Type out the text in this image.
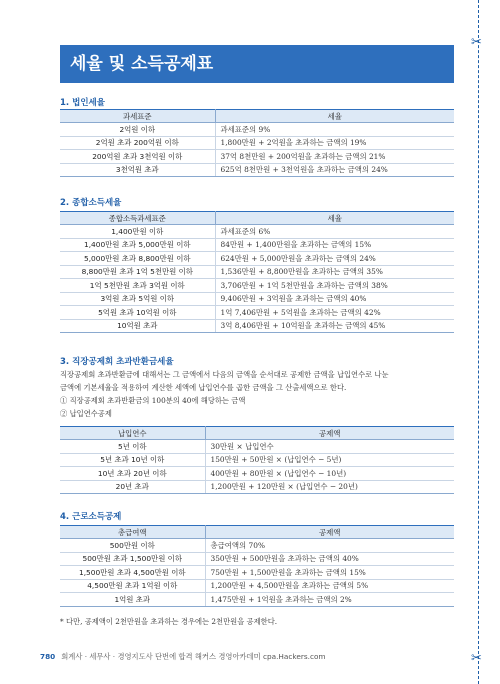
✂
✂
세율 및 소득공제표
1. 법인세율
과세표준	세율
2억원 이하	과세표준의 9%
2억원 초과 200억원 이하	1,800만원 + 2억원을 초과하는 금액의 19%
200억원 초과 3천억원 이하	37억 8천만원 + 200억원을 초과하는 금액의 21%
3천억원 초과	625억 8천만원 + 3천억원을 초과하는 금액의 24%
2. 종합소득세율
종합소득과세표준	세율
1,400만원 이하	과세표준의 6%
1,400만원 초과 5,000만원 이하	84만원 + 1,400만원을 초과하는 금액의 15%
5,000만원 초과 8,800만원 이하	624만원 + 5,000만원을 초과하는 금액의 24%
8,800만원 초과 1억 5천만원 이하	1,536만원 + 8,800만원을 초과하는 금액의 35%
1억 5천만원 초과 3억원 이하	3,706만원 + 1억 5천만원을 초과하는 금액의 38%
3억원 초과 5억원 이하	9,406만원 + 3억원을 초과하는 금액의 40%
5억원 초과 10억원 이하	1억 7,406만원 + 5억원을 초과하는 금액의 42%
10억원 초과	3억 8,406만원 + 10억원을 초과하는 금액의 45%
3. 직장공제회 초과반환금세율
직장공제회 초과반환금에 대해서는 그 금액에서 다음의 금액을 순서대로 공제한 금액을 납입연수로 나눈
금액에 기본세율을 적용하여 계산한 세액에 납입연수를 곱한 금액을 그 산출세액으로 한다.
① 직장공제회 초과반환금의 100분의 40에 해당하는 금액
② 납입연수공제
납입연수	공제액
5년 이하	30만원 × 납입연수
5년 초과 10년 이하	150만원 + 50만원 × (납입연수 − 5년)
10년 초과 20년 이하	400만원 + 80만원 × (납입연수 − 10년)
20년 초과	1,200만원 + 120만원 × (납입연수 − 20년)
4. 근로소득공제
총급여액	공제액
500만원 이하	총급여액의 70%
500만원 초과 1,500만원 이하	350만원 + 500만원을 초과하는 금액의 40%
1,500만원 초과 4,500만원 이하	750만원 + 1,500만원을 초과하는 금액의 15%
4,500만원 초과 1억원 이하	1,200만원 + 4,500만원을 초과하는 금액의 5%
1억원 초과	1,475만원 + 1억원을 초과하는 금액의 2%
* 다만, 공제액이 2천만원을 초과하는 경우에는 2천만원을 공제한다.
780 회계사 · 세무사 · 경영지도사 단번에 합격 해커스 경영아카데미 cpa.Hackers.com
